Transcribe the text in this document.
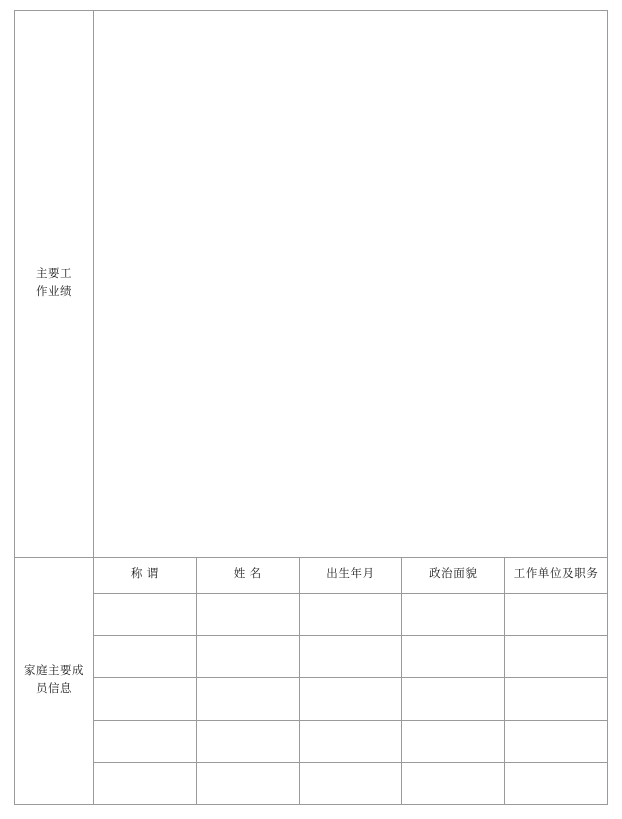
主要工
作业绩					

家庭主要成
员信息	称 谓	姓 名	出生年月	政治面貌	工作单位及职务
